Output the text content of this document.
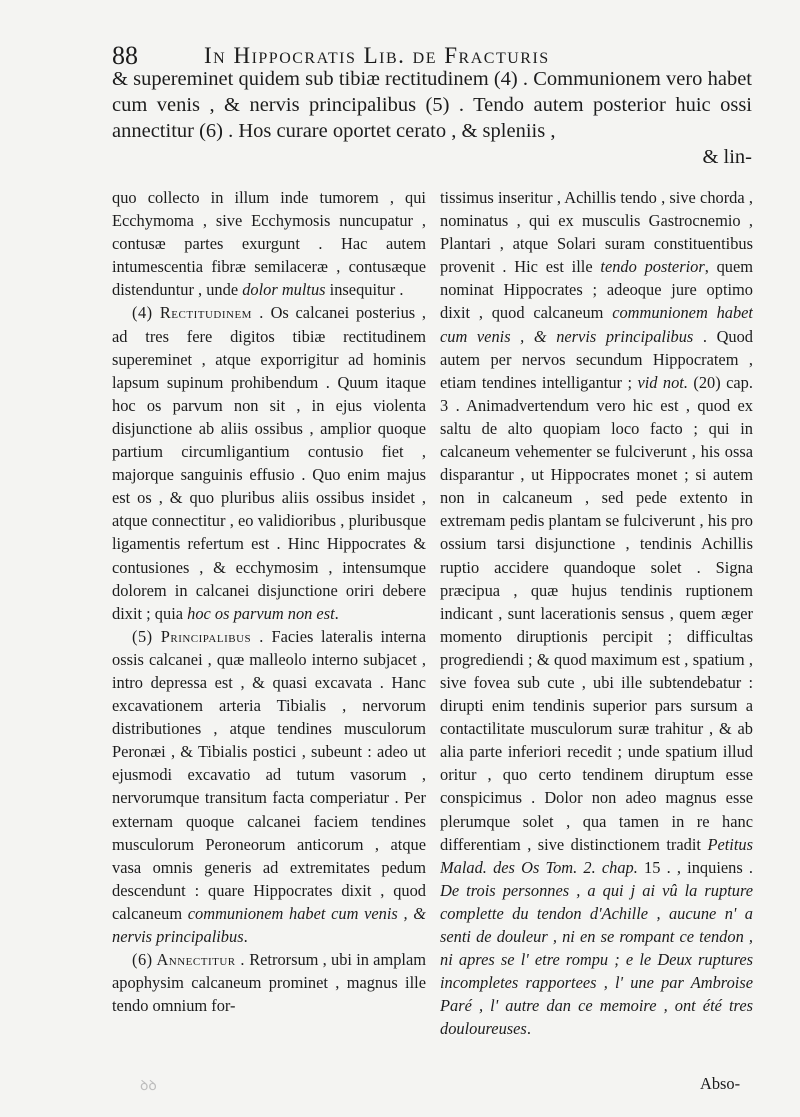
88	In Hippocratis Lib. de Fracturis

& supereminet quidem sub tibiæ rectitudinem (4) . Communionem vero habet cum venis , & nervis principalibus (5) . Tendo autem posterior huic ossi annectitur (6) . Hos curare oportet cerato , & spleniis ,

& lin-

quo collecto in illum inde tumorem , qui Ecchymoma , sive Ecchymosis nuncupatur , contusæ partes exurgunt . Hac autem intumescentia fibræ semilaceræ , contusæque distenduntur , unde dolor multus insequitur .

(4) Rectitudinem . Os calcanei posterius , ad tres fere digitos tibiæ rectitudinem supereminet , atque exporrigitur ad hominis lapsum supinum prohibendum . Quum itaque hoc os parvum non sit , in ejus violenta disjunctione ab aliis ossibus , amplior quoque partium circumligantium contusio fiet , majorque sanguinis effusio . Quo enim majus est os , & quo pluribus aliis ossibus insidet , atque connectitur , eo validioribus , pluribusque ligamentis refertum est . Hinc Hippocrates & contusiones , & ecchymosim , intensumque dolorem in calcanei disjunctione oriri debere dixit ; quia hoc os parvum non est.

(5) Principalibus . Facies lateralis interna ossis calcanei , quæ malleolo interno subjacet , intro depressa est , & quasi excavata . Hanc excavationem arteria Tibialis , nervorum distributiones , atque tendines musculorum Peronæi , & Tibialis postici , subeunt : adeo ut ejusmodi excavatio ad tutum vasorum , nervorumque transitum facta comperiatur . Per externam quoque calcanei faciem tendines musculorum Peroneorum anticorum , atque vasa omnis generis ad extremitates pedum descendunt : quare Hippocrates dixit , quod calcaneum communionem habet cum venis , & nervis principalibus.

(6) Annectitur . Retrorsum , ubi in amplam apophysim calcaneum prominet , magnus ille tendo omnium for-

tissimus inseritur , Achillis tendo , sive chorda , nominatus , qui ex musculis Gastrocnemio , Plantari , atque Solari suram constituentibus provenit . Hic est ille tendo posterior, quem nominat Hippocrates ; adeoque jure optimo dixit , quod calcaneum communionem habet cum venis , & nervis principalibus . Quod autem per nervos secundum Hippocratem , etiam tendines intelligantur ; vid not. (20) cap. 3 . Animadvertendum vero hic est , quod ex saltu de alto quopiam loco facto ; qui in calcaneum vehementer se fulciverunt , his ossa disparantur , ut Hippocrates monet ; si autem non in calcaneum , sed pede extento in extremam pedis plantam se fulciverunt , his pro ossium tarsi disjunctione , tendinis Achillis ruptio accidere quandoque solet . Signa præcipua , quæ hujus tendinis ruptionem indicant , sunt lacerationis sensus , quem æger momento diruptionis percipit ; difficultas progrediendi ; & quod maximum est , spatium , sive fovea sub cute , ubi ille subtendebatur : dirupti enim tendinis superior pars sursum a contactilitate musculorum suræ trahitur , & ab alia parte inferiori recedit ; unde spatium illud oritur , quo certo tendinem diruptum esse conspicimus . Dolor non adeo magnus esse plerumque solet , qua tamen in re hanc differentiam , sive distinctionem tradit Petitus Malad. des Os Tom. 2. chap. 15 . , inquiens . De trois personnes , a qui j ai vû la rupture complette du tendon d'Achille , aucune n' a senti de douleur , ni en se rompant ce tendon , ni apres se l' etre rompu ; e le Deux ruptures incompletes rapportees , l' une par Ambroise Paré , l' autre dan ce memoire , ont été tres douloureuses.

Abso-
ꝺ​ꝺ
